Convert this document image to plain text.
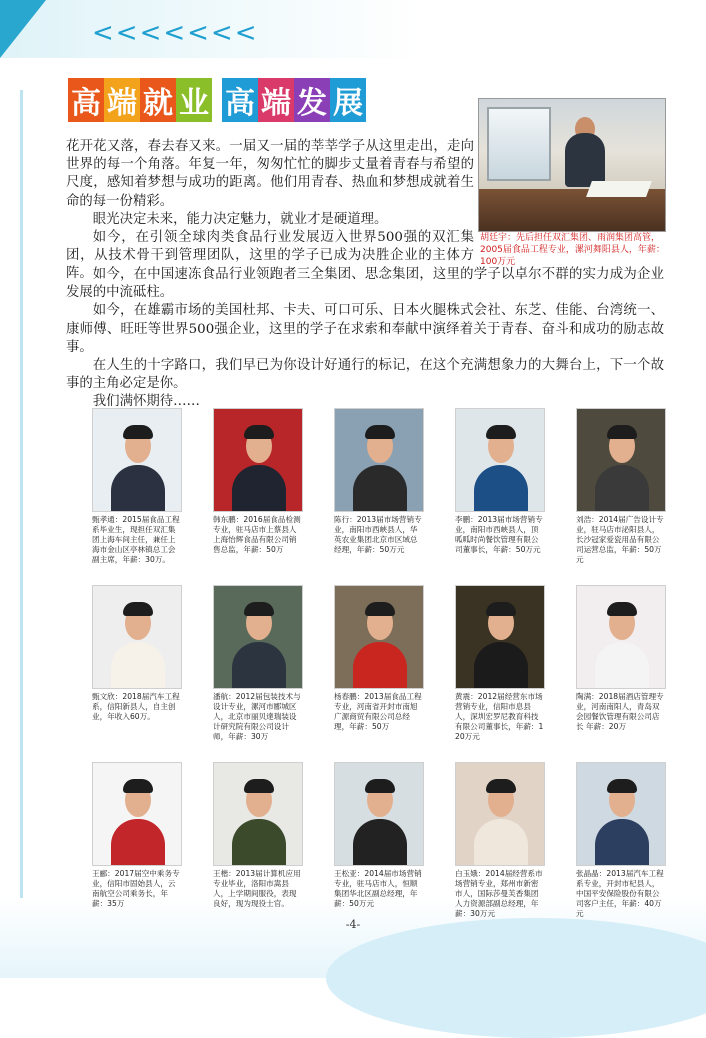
<<<<<<<
高 端 就 业 高 端 发 展
胡廷宇：先后担任双汇集团、雨润集团高管，2005届食品工程专业，漯河舞阳县人，年薪：100万元

花开花又落，春去春又来。一届又一届的莘莘学子从这里走出，走向世界的每一个角落。年复一年，匆匆忙忙的脚步丈量着青春与希望的尺度，感知着梦想与成功的距离。他们用青春、热血和梦想成就着生命的每一份精彩。

眼光决定未来，能力决定魅力，就业才是硬道理。

如今，在引领全球肉类食品行业发展迈入世界500强的双汇集团，从技术骨干到管理团队，这里的学子已成为决胜企业的主体方阵。 如今，在中国速冻食品行业领跑者三全集团、思念集团，这里的学子以卓尔不群的实力成为企业发展的中流砥柱。

如今，在雄霸市场的美国杜邦、卡夫、可口可乐、日本火腿株式会社、东芝、佳能、台湾统一、康师傅、旺旺等世界500强企业，这里的学子在求索和奉献中演绎着关于青春、奋斗和成功的励志故事。

在人生的十字路口，我们早已为你设计好通行的标记，在这个充满想象力的大舞台上，下一个故事的主角必定是你。

我们满怀期待……

甄孝通：2015届食品工程系毕业生，现担任双汇集团上海车间主任，兼任上海市金山区亭林镇总工会副主席，年薪：30万。
韩东鹏：2016届食品检测专业，驻马店市上蔡县人上海怡辉食品有限公司销售总监，年薪：50万
陈行：2013届市场营销专业，南阳市西峡县人，华英农业集团北京市区域总经理，年薪：50万元
李鹏：2013届市场营销专业，南阳市西峡县人，顶呱呱时尚餐饮管理有限公司董事长，年薪：50万元
刘浩：2014届广告设计专业，驻马店市泌阳县人，长沙冠家爱瓷用品有限公司运营总监，年薪：50万元
甄文欣：2018届汽车工程系，信阳新县人，自主创业，年收入60万。
潘航：2012届包装技术与设计专业，漯河市郾城区人，北京市丽贝達瑞装设计研究院有限公司设计师，年薪：30万
杨春鹏：2013届食品工程专业，河南省开封市南旭广源商贸有限公司总经理，年薪：50万
黄震：2012届经营东市场营销专业，信阳市息县人，深圳宏罗尼教育科技有限公司董事长，年薪：120万元
陶满：2018届酒店管理专业，河南南阳人，青岛双会园餐饮管理有限公司店长 年薪：20万
王郦：2017届空中乘务专业，信阳市固始县人，云南航空公司乘务长，年薪：35万
王楷：2013届计算机应用专业毕业，洛阳市嵩县人，上学期间服役，表现良好，现为现役士官。
王松亚：2014届市场营销专业，驻马店市人，恒顺集团华北区副总经理，年薪：50万元
白玉娥：2014届经营系市场营销专业，郑州市新密市人，国际莎曼芙香集团人力资源部副总经理，年薪：30万元
张晶晶：2013届汽车工程系专业，开封市杞县人，中国平安保险股份有限公司客户主任，年薪：40万元
-4-
